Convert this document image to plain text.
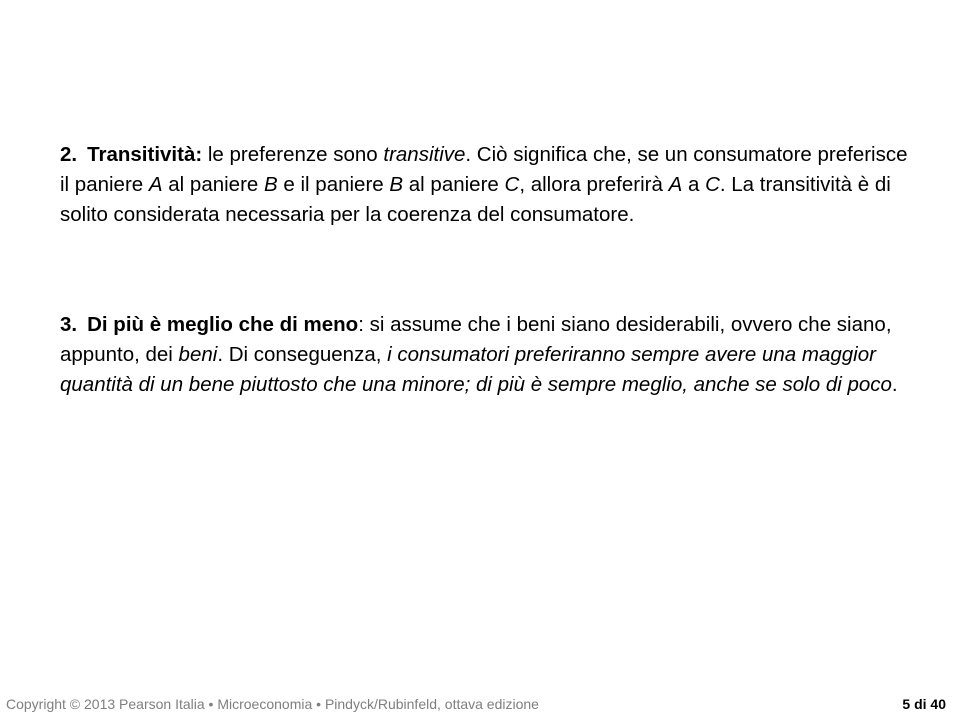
2. Transitività: le preferenze sono transitive. Ciò significa che, se un consumatore preferisce il paniere A al paniere B e il paniere B al paniere C, allora preferirà A a C. La transitività è di solito considerata necessaria per la coerenza del consumatore.

3. Di più è meglio che di meno: si assume che i beni siano desiderabili, ovvero che siano, appunto, dei beni. Di conseguenza, i consumatori preferiranno sempre avere una maggior quantità di un bene piuttosto che una minore; di più è sempre meglio, anche se solo di poco.

Copyright © 2013 Pearson Italia • Microeconomia • Pindyck/Rubinfeld, ottava edizione	5 di 40
